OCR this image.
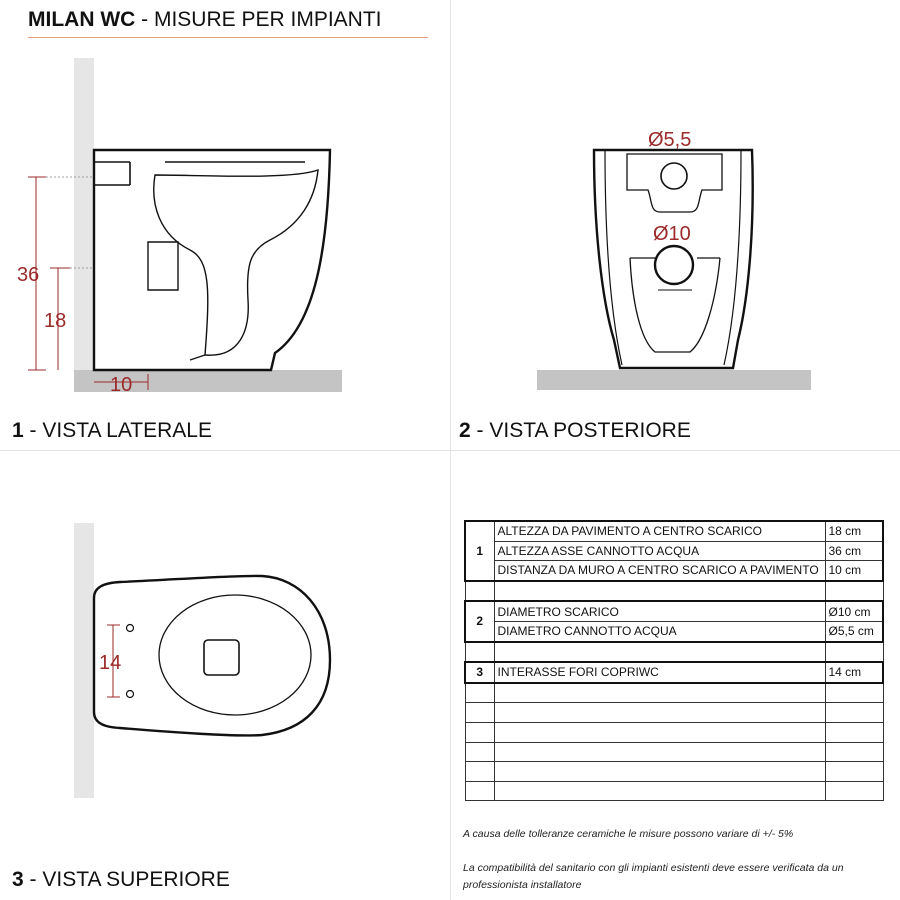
MILAN WC - MISURE PER IMPIANTI
36
18
10
Ø5,5
Ø10
14
1 - VISTA LATERALE	2 - VISTA POSTERIORE
3 - VISTA SUPERIORE
1	ALTEZZA DA PAVIMENTO A CENTRO SCARICO	18 cm
	ALTEZZA ASSE CANNOTTO ACQUA	36 cm
	DISTANZA DA MURO A CENTRO SCARICO A PAVIMENTO	10 cm

2	DIAMETRO SCARICO	Ø10 cm
	DIAMETRO CANNOTTO ACQUA	Ø5,5 cm

3	INTERASSE FORI COPRIWC	14 cm

A causa delle tolleranze ceramiche le misure possono variare di +/- 5%
La compatibilità del sanitario con gli impianti esistenti deve essere verificata da un professionista installatore
